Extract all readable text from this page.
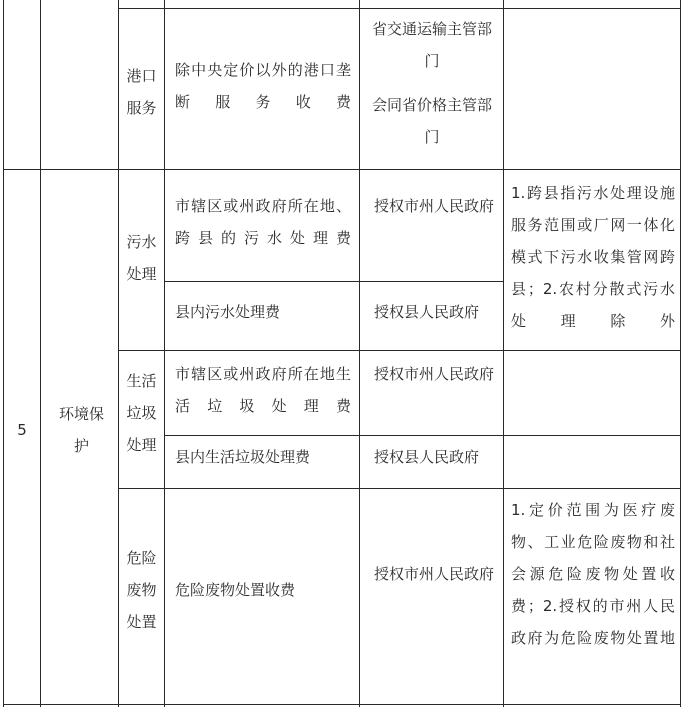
港口服务
除中央定价以外的港口垄断服务收费
省交通运输主管部门
会同省价格主管部门
5
环境保护
污水处理
市辖区或州政府所在地、跨县的污水处理费
授权市州人民政府
县内污水处理费	授权县人民政府
1.跨县指污水处理设施服务范围或厂网一体化模式下污水收集管网跨县；2.农村分散式污水处理除外
生活垃圾处理
市辖区或州政府所在地生活垃圾处理费
授权市州人民政府
县内生活垃圾处理费	授权县人民政府
危险废物处置
危险废物处置收费
授权市州人民政府
1.定价范围为医疗废物、工业危险废物和社会源危险废物处置收费；2.授权的市州人民政府为危险废物处置地
